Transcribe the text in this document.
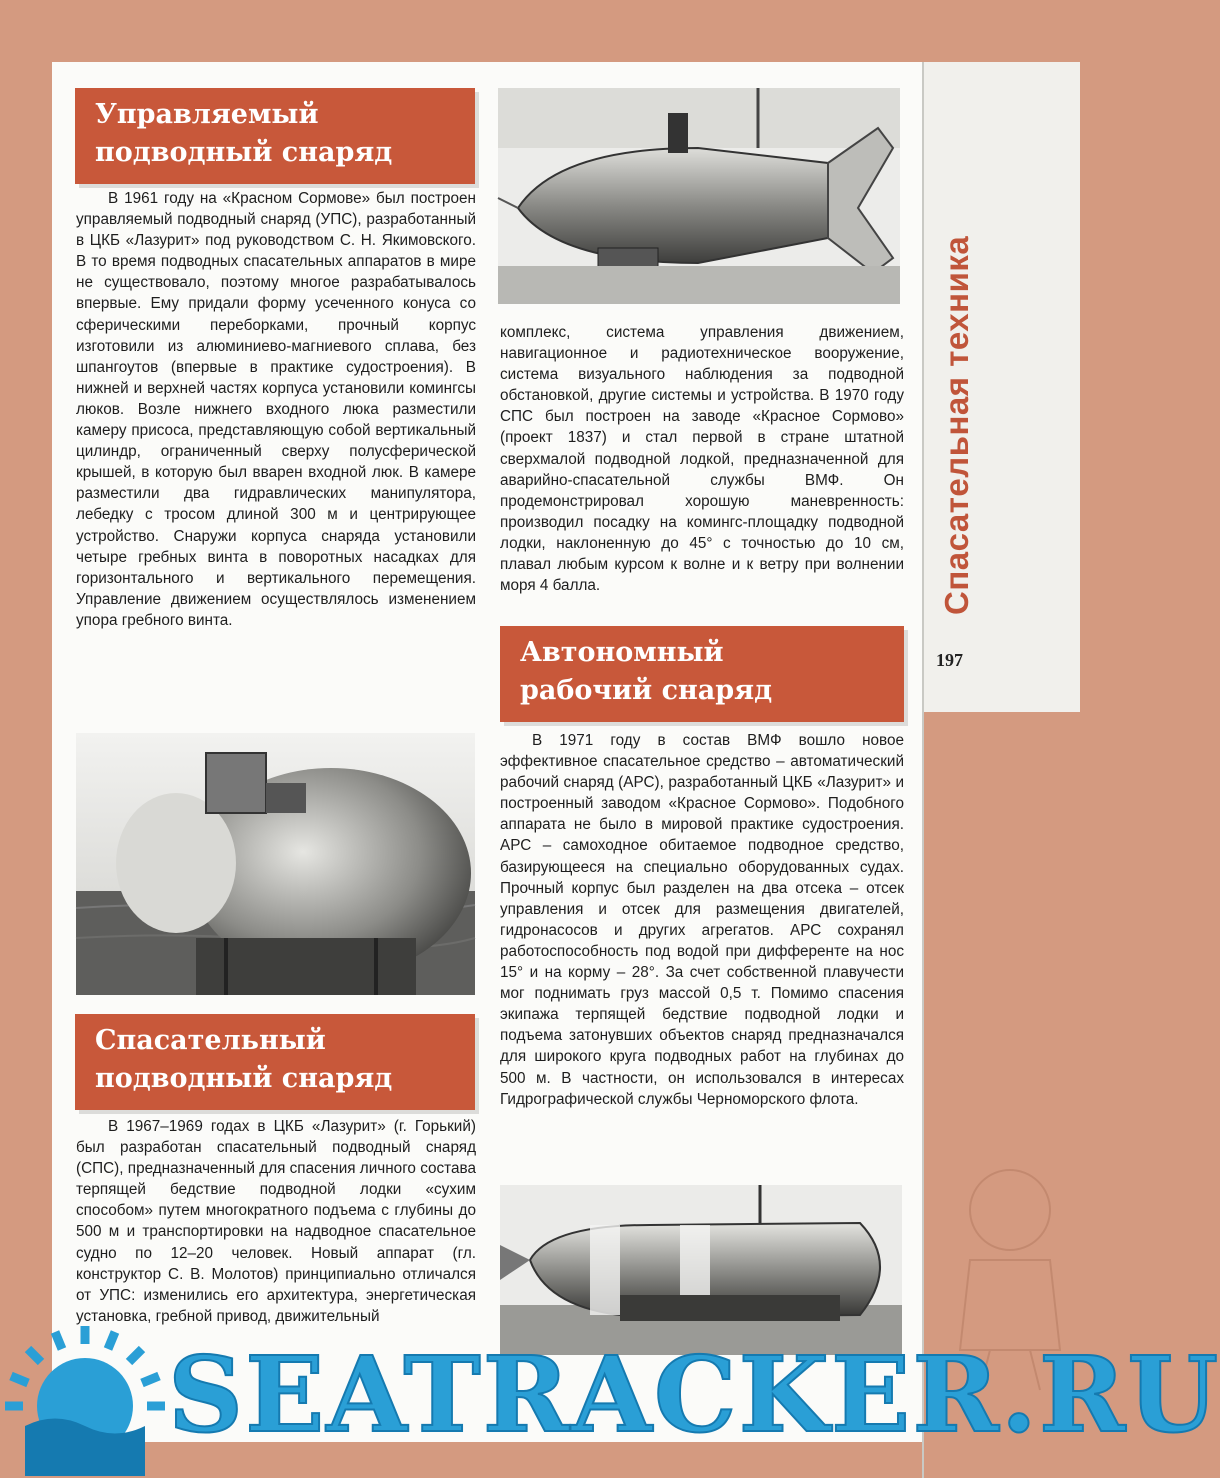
Спасательная техника
197
Управляемый
подводный снаряд

В 1961 году на «Красном Сормове» был построен управляемый подводный снаряд (УПС), разработанный в ЦКБ «Лазурит» под руководством С. Н. Якимовского. В то время подводных спасательных аппаратов в мире не существовало, поэтому многое разрабатывалось впервые. Ему придали форму усеченного конуса со сферическими переборками, прочный корпус изготовили из алюминиево-магниевого сплава, без шпангоутов (впервые в практике судостроения). В нижней и верхней частях корпуса установили комингсы люков. Возле нижнего входного люка разместили камеру присоса, представляющую собой вертикальный цилиндр, ограниченный сверху полусферической крышей, в которую был вварен входной люк. В камере разместили два гидравлических манипулятора, лебедку с тросом длиной 300 м и центрирующее устройство. Снаружи корпуса снаряда установили четыре гребных винта в поворотных насадках для горизонтального и вертикального перемещения. Управление движением осуществлялось изменением упора гребного винта.

Спасательный
подводный снаряд

В 1967–1969 годах в ЦКБ «Лазурит» (г. Горький) был разработан спасательный подводный снаряд (СПС), предназначенный для спасения личного состава терпящей бедствие подводной лодки «сухим способом» путем многократного подъема с глубины до 500 м и транспортировки на надводное спасательное судно по 12–20 человек. Новый аппарат (гл. конструктор С. В. Молотов) принципиально отличался от УПС: изменились его архитектура, энергетическая установка, гребной привод, движительный

комплекс, система управления движением, навигационное и радиотехническое вооружение, система визуального наблюдения за подводной обстановкой, другие системы и устройства. В 1970 году СПС был построен на заводе «Красное Сормово» (проект 1837) и стал первой в стране штатной сверхмалой подводной лодкой, предназначенной для аварийно-спасательной службы ВМФ. Он продемонстрировал хорошую маневренность: производил посадку на комингс-площадку подводной лодки, наклоненную до 45° с точностью до 10 см, плавал любым курсом к волне и к ветру при волнении моря 4 балла.

Автономный
рабочий снаряд

В 1971 году в состав ВМФ вошло новое эффективное спасательное средство – автоматический рабочий снаряд (АРС), разработанный ЦКБ «Лазурит» и построенный заводом «Красное Сормово». Подобного аппарата не было в мировой практике судостроения. АРС – самоходное обитаемое подводное средство, базирующееся на специально оборудованных судах. Прочный корпус был разделен на два отсека – отсек управления и отсек для размещения двигателей, гидронасосов и других агрегатов. АРС сохранял работоспособность под водой при дифференте на нос 15° и на корму – 28°. За счет собственной плавучести мог поднимать груз массой 0,5 т. Помимо спасения экипажа терпящей бедствие подводной лодки и подъема затонувших объектов снаряд предназначался для широкого круга подводных работ на глубинах до 500 м. В частности, он использовался в интересах Гидрографической службы Черноморского флота.

SEATRACKER.RU
